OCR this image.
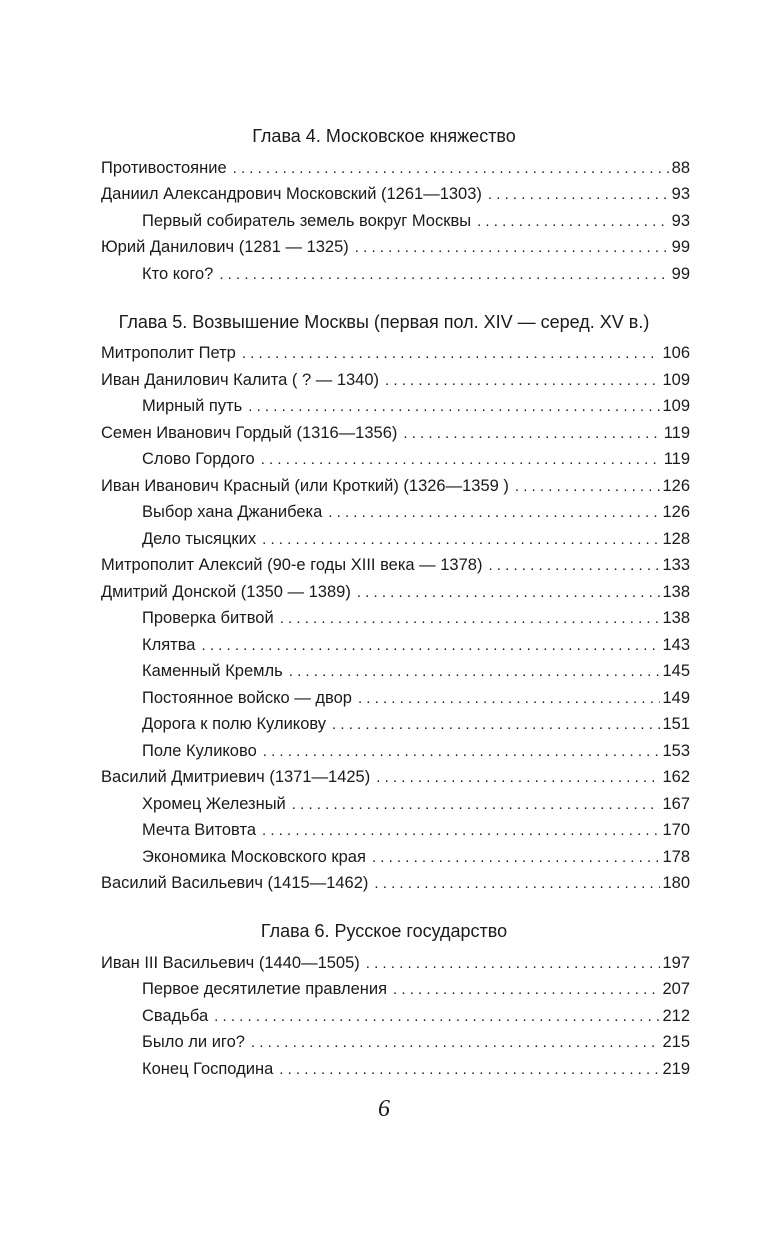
Глава 4. Московское княжество
Противостояние . . .	88
Даниил Александрович Московский (1261—1303) . . .	93
Первый собиратель земель вокруг Москвы . . .	93
Юрий Данилович (1281 — 1325) . . .	99
Кто кого? . . .	99
Глава 5. Возвышение Москвы (первая пол. XIV — серед. XV в.)
Митрополит Петр . . .	106
Иван Данилович Калита ( ? — 1340) . . .	109
Мирный путь . . .	109
Семен Иванович Гордый (1316—1356) . . .	119
Слово Гордого . . .	119
Иван Иванович Красный (или Кроткий) (1326—1359 ) . . .	126
Выбор хана Джанибека . . .	126
Дело тысяцких . . .	128
Митрополит Алексий (90-е годы XIII века — 1378) . . .	133
Дмитрий Донской (1350 — 1389) . . .	138
Проверка битвой . . .	138
Клятва . . .	143
Каменный Кремль . . .	145
Постоянное войско — двор . . .	149
Дорога к полю Куликову . . .	151
Поле Куликово . . .	153
Василий Дмитриевич (1371—1425) . . .	162
Хромец Железный . . .	167
Мечта Витовта . . .	170
Экономика Московского края . . .	178
Василий Васильевич (1415—1462) . . .	180
Глава 6. Русское государство
Иван III Васильевич (1440—1505) . . .	197
Первое десятилетие правления . . .	207
Свадьба . . .	212
Было ли иго? . . .	215
Конец Господина . . .	219
6
